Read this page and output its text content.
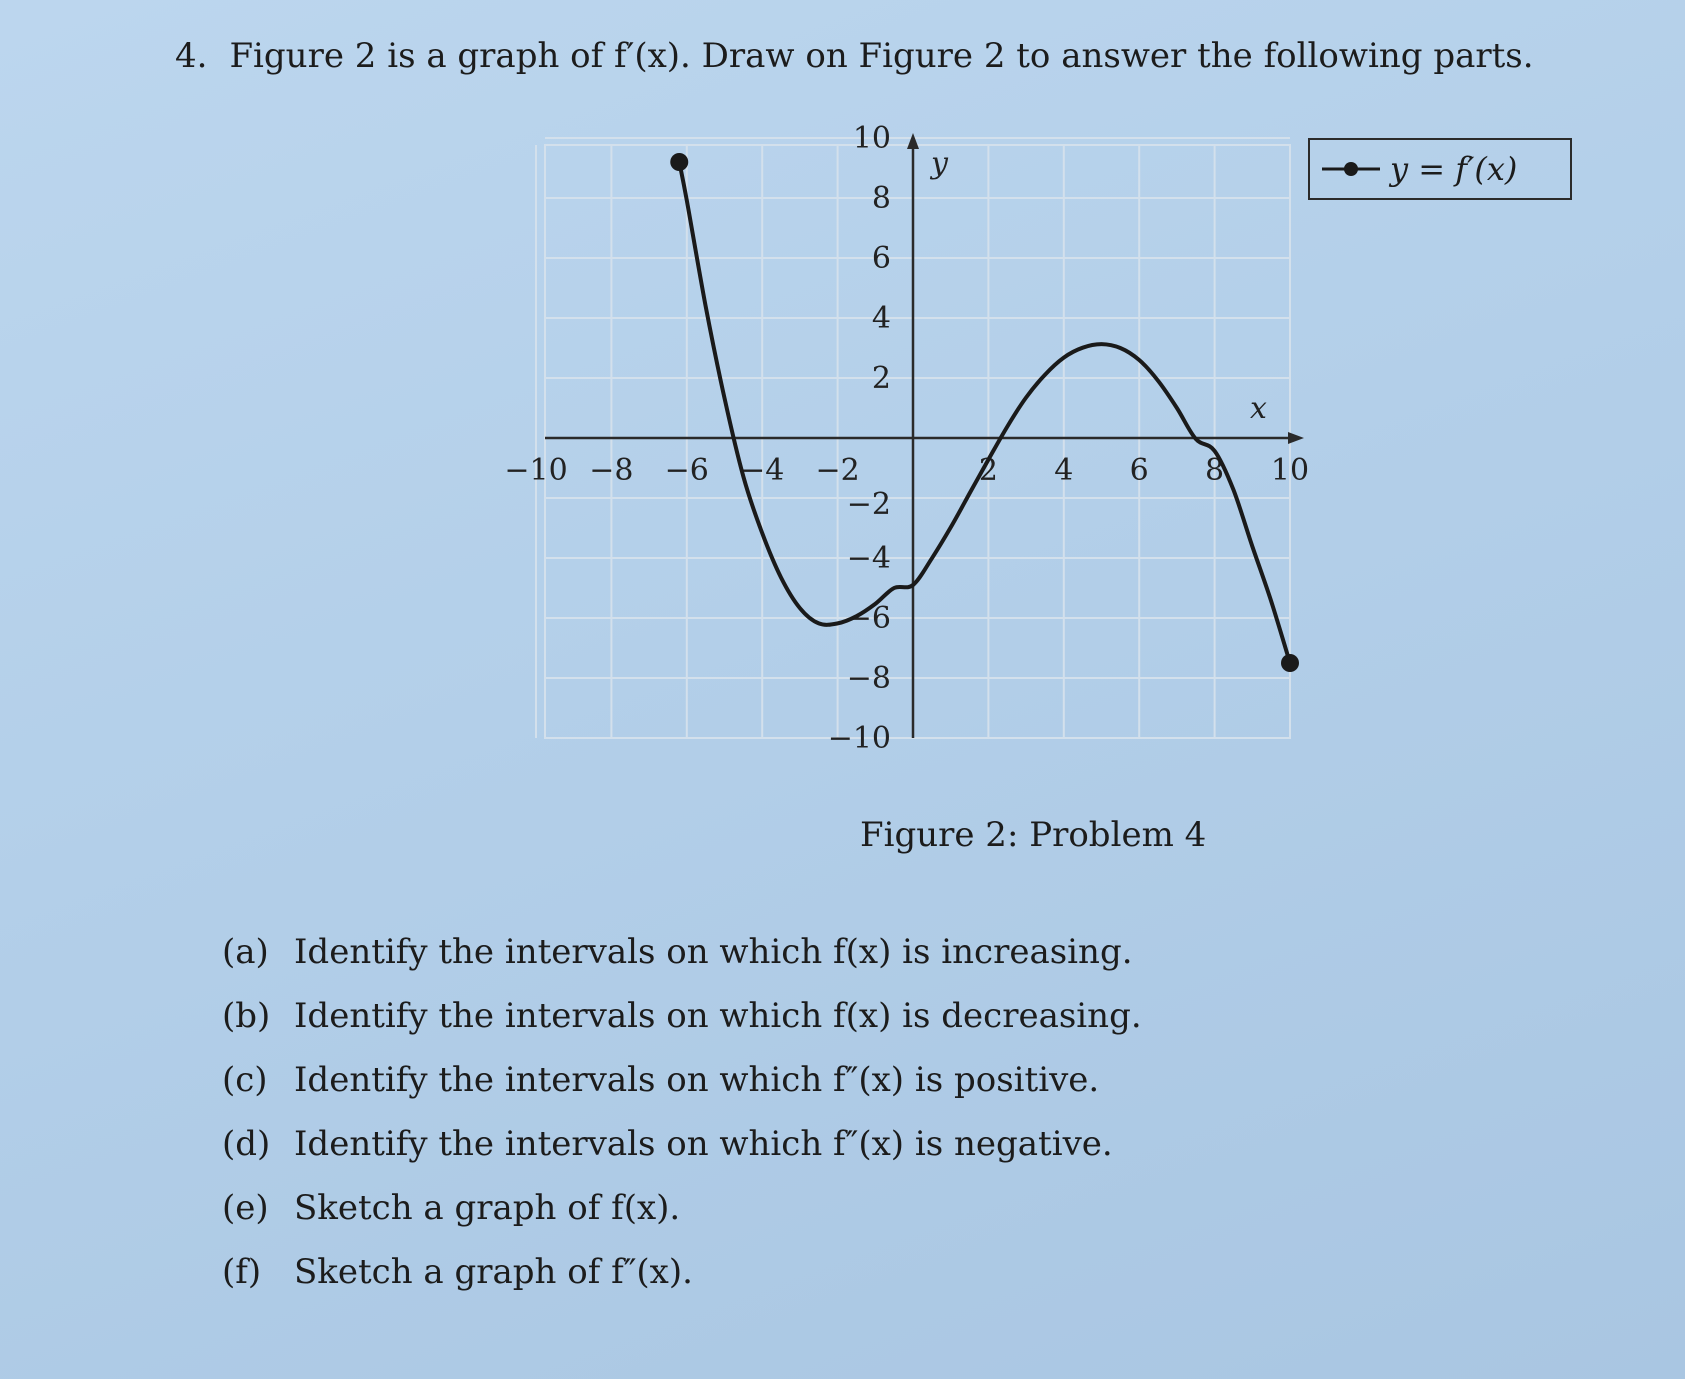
4. Figure 2 is a graph of f′(x). Draw on Figure 2 to answer the following parts.
x
y
−10 −8 −6 −4 −2	2 4 6 8 10
10
8
6
4
2
−2
−4
−6
−8
−10
y = f′(x)
Figure 2: Problem 4
(a) Identify the intervals on which f(x) is increasing.
(b) Identify the intervals on which f(x) is decreasing.
(c) Identify the intervals on which f″(x) is positive.
(d) Identify the intervals on which f″(x) is negative.
(e) Sketch a graph of f(x).
(f) Sketch a graph of f″(x).
